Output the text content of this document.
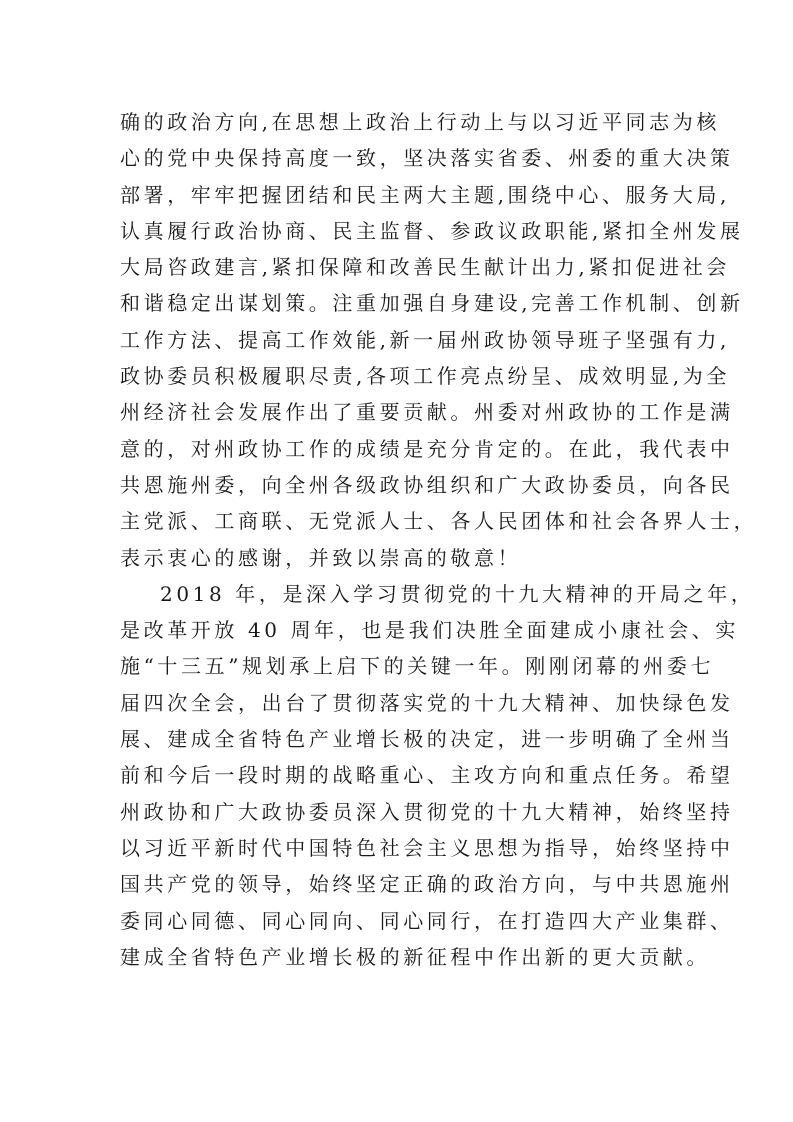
确的政治方向,在思想上政治上行动上与以习近平同志为核
心的党中央保持高度一致，坚决落实省委、州委的重大决策
部署，牢牢把握团结和民主两大主题,围绕中心、服务大局,
认真履行政治协商、民主监督、参政议政职能,紧扣全州发展
大局咨政建言,紧扣保障和改善民生献计出力,紧扣促进社会
和谐稳定出谋划策。注重加强自身建设,完善工作机制、创新
工作方法、提高工作效能,新一届州政协领导班子坚强有力,
政协委员积极履职尽责,各项工作亮点纷呈、成效明显,为全
州经济社会发展作出了重要贡献。州委对州政协的工作是满
意的，对州政协工作的成绩是充分肯定的。在此，我代表中
共恩施州委，向全州各级政协组织和广大政协委员，向各民
主党派、工商联、无党派人士、各人民团体和社会各界人士，
表示衷心的感谢，并致以崇高的敬意！
2018 年，是深入学习贯彻党的十九大精神的开局之年，
是改革开放 40 周年，也是我们决胜全面建成小康社会、实
施“十三五”规划承上启下的关键一年。刚刚闭幕的州委七
届四次全会，出台了贯彻落实党的十九大精神、加快绿色发
展、建成全省特色产业增长极的决定，进一步明确了全州当
前和今后一段时期的战略重心、主攻方向和重点任务。希望
州政协和广大政协委员深入贯彻党的十九大精神，始终坚持
以习近平新时代中国特色社会主义思想为指导，始终坚持中
国共产党的领导，始终坚定正确的政治方向，与中共恩施州
委同心同德、同心同向、同心同行，在打造四大产业集群、
建成全省特色产业增长极的新征程中作出新的更大贡献。
